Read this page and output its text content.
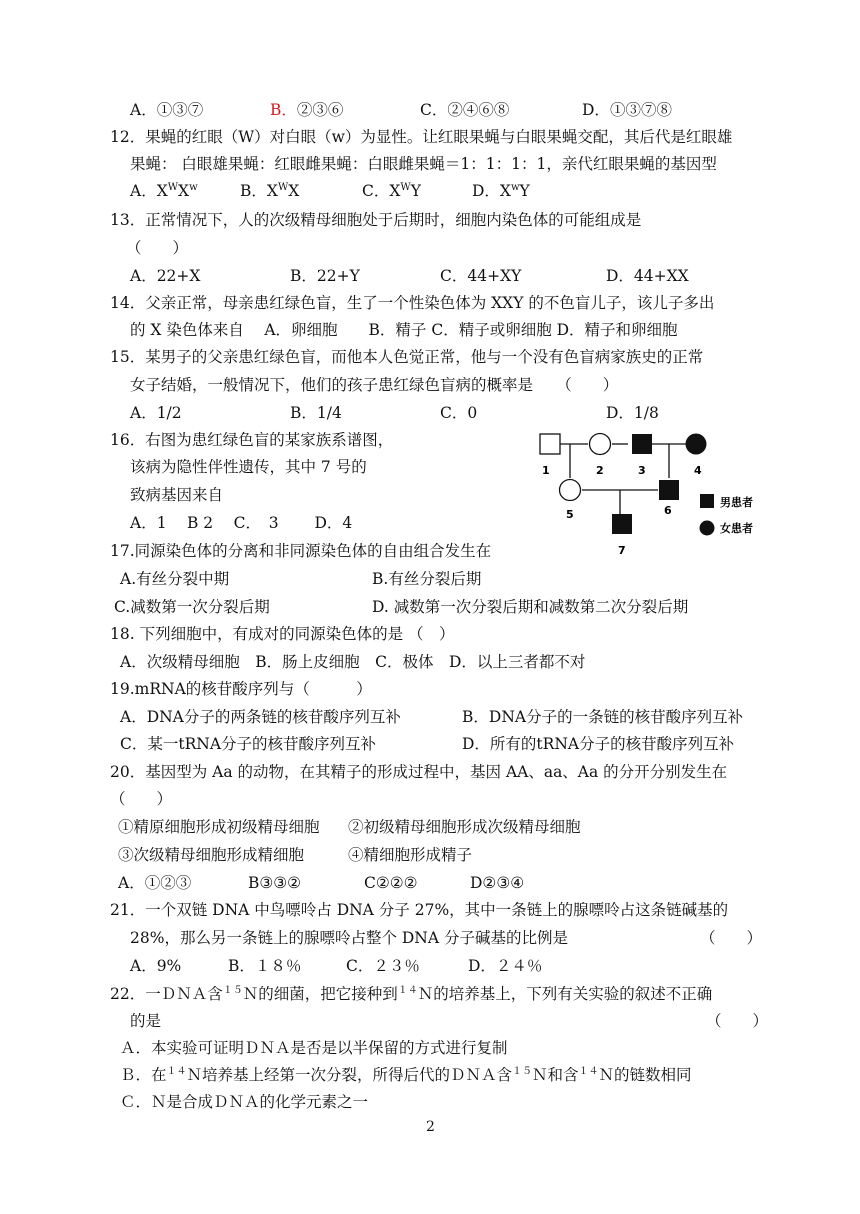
A．①③⑦	B．②③⑥	C．②④⑥⑧	D．①③⑦⑧
12．果蝇的红眼（W）对白眼（w）为显性。让红眼果蝇与白眼果蝇交配，其后代是红眼雄
果蝇： 白眼雄果蝇：红眼雌果蝇：白眼雌果蝇＝1：1：1：1，亲代红眼果蝇的基因型
A．$X^WX^w$	B．$X^WX$	C．$X^WY$	D．$X^wY$
13．正常情况下，人的次级精母细胞处于后期时，细胞内染色体的可能组成是
（　　）
A．22+X	B．22+Y	C．44+XY	D．44+XX
14．父亲正常，母亲患红绿色盲，生了一个性染色体为 XXY 的不色盲儿子，该儿子多出
的 X 染色体来自　 A．卵细胞　　B．精子 C．精子或卵细胞 D．精子和卵细胞
15．某男子的父亲患红绿色盲，而他本人色觉正常，他与一个没有色盲病家族史的正常
女子结婚，一般情况下，他们的孩子患红绿色盲病的概率是　　（　　）
A．1/2	B．1/4	C．0	D．1/8
16．右图为患红绿色盲的某家族系谱图，
该病为隐性伴性遗传，其中 7 号的
致病基因来自
A．1　 B 2　 C．　3　　 D．4
1	2	3	4
5	6
7
男患者
女患者
17.同源染色体的分离和非同源染色体的自由组合发生在
A.有丝分裂中期	B.有丝分裂后期
C.减数第一次分裂后期	D. 减数第一次分裂后期和减数第二次分裂后期
18. 下列细胞中，有成对的同源染色体的是 （　）
A．次级精母细胞　B．肠上皮细胞　C．极体　D．以上三者都不对
19.mRNA的核苷酸序列与（　　　）
A．DNA分子的两条链的核苷酸序列互补	B．DNA分子的一条链的核苷酸序列互补
C．某一tRNA分子的核苷酸序列互补	D．所有的tRNA分子的核苷酸序列互补
20．基因型为 Aa 的动物，在其精子的形成过程中，基因 AA、aa、Aa 的分开分别发生在
（　　）
①精原细胞形成初级精母细胞 ②初级精母细胞形成次级精母细胞
③次级精母细胞形成精细胞	④精细胞形成精子
A．①②③	B③③②	C②②②	D②③④
21．一个双链 DNA 中鸟嘌呤占 DNA 分子 27%，其中一条链上的腺嘌呤占这条链碱基的
28%，那么另一条链上的腺嘌呤占整个 DNA 分子碱基的比例是	（　　）
A．9%	B．１８％	C．２３％	D．２４％
22．一ＤＮＡ含$^{15}$Ｎ的细菌，把它接种到$^{14}$Ｎ的培养基上，下列有关实验的叙述不正确
的是	（　　）
Ａ．本实验可证明ＤＮＡ是否是以半保留的方式进行复制
Ｂ．在$^{14}$Ｎ培养基上经第一次分裂，所得后代的ＤＮＡ含$^{15}$Ｎ和含$^{14}$Ｎ的链数相同
Ｃ．Ｎ是合成ＤＮＡ的化学元素之一
2
